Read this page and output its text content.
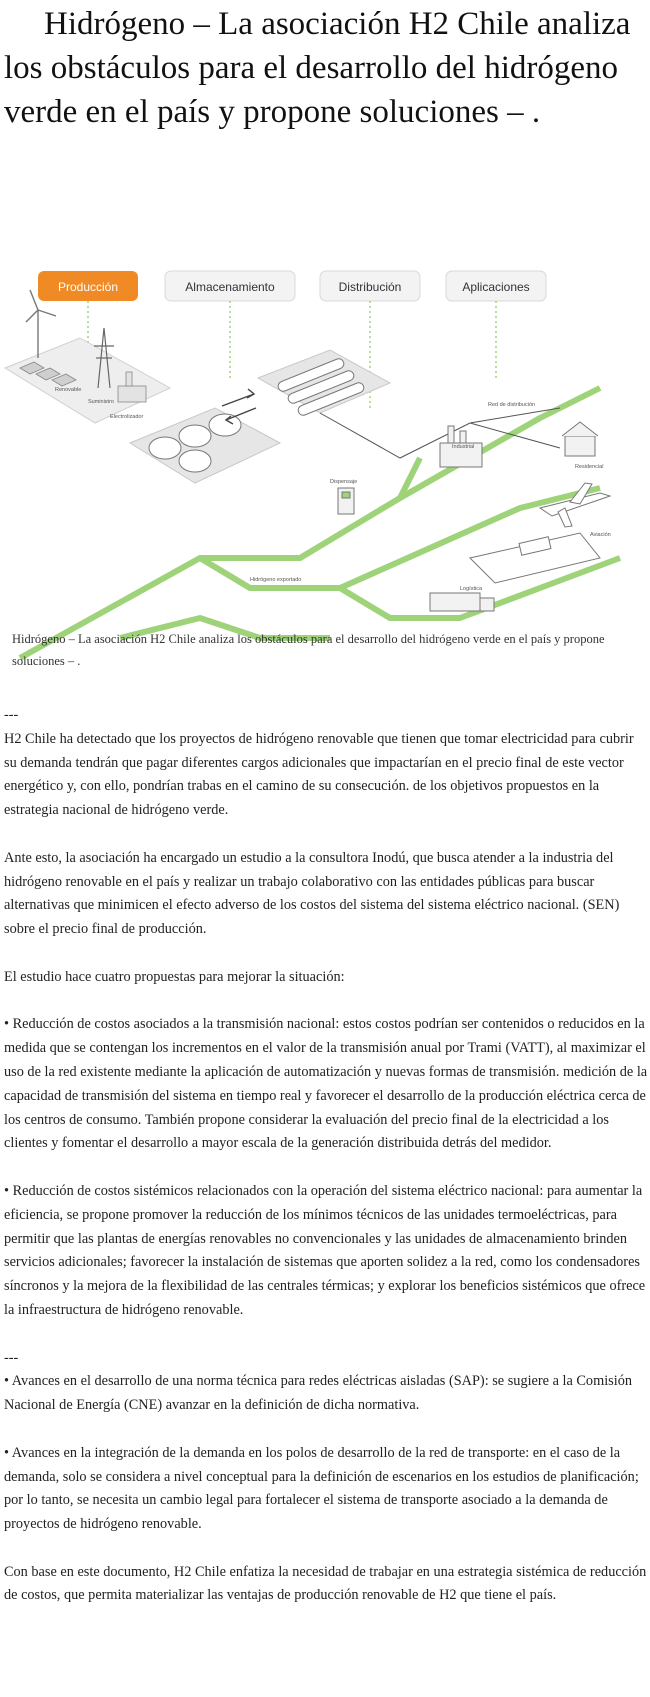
Hidrógeno – La asociación H2 Chile analiza los obstáculos para el desarrollo del hidrógeno verde en el país y propone soluciones – .
Producción	Almacenamiento	Distribución	Aplicaciones
Renovable
Suministro
Electrolizador
Red de distribución
Industrial
Residencial
Dispensaje
Aviación
Logística
Hidrógeno exportado

Hidrógeno – La asociación H2 Chile analiza los obstáculos para el desarrollo del hidrógeno verde en el país y propone soluciones – .

---

H2 Chile ha detectado que los proyectos de hidrógeno renovable que tienen que tomar electricidad para cubrir su demanda tendrán que pagar diferentes cargos adicionales que impactarían en el precio final de este vector energético y, con ello, pondrían trabas en el camino de su consecución. de los objetivos propuestos en la estrategia nacional de hidrógeno verde.

Ante esto, la asociación ha encargado un estudio a la consultora Inodú, que busca atender a la industria del hidrógeno renovable en el país y realizar un trabajo colaborativo con las entidades públicas para buscar alternativas que minimicen el efecto adverso de los costos del sistema del sistema eléctrico nacional. (SEN) sobre el precio final de producción.

El estudio hace cuatro propuestas para mejorar la situación:

• Reducción de costos asociados a la transmisión nacional: estos costos podrían ser contenidos o reducidos en la medida que se contengan los incrementos en el valor de la transmisión anual por Trami (VATT), al maximizar el uso de la red existente mediante la aplicación de automatización y nuevas formas de transmisión. medición de la capacidad de transmisión del sistema en tiempo real y favorecer el desarrollo de la producción eléctrica cerca de los centros de consumo. También propone considerar la evaluación del precio final de la electricidad a los clientes y fomentar el desarrollo a mayor escala de la generación distribuida detrás del medidor.

• Reducción de costos sistémicos relacionados con la operación del sistema eléctrico nacional: para aumentar la eficiencia, se propone promover la reducción de los mínimos técnicos de las unidades termoeléctricas, para permitir que las plantas de energías renovables no convencionales y las unidades de almacenamiento brinden servicios adicionales; favorecer la instalación de sistemas que aporten solidez a la red, como los condensadores síncronos y la mejora de la flexibilidad de las centrales térmicas; y explorar los beneficios sistémicos que ofrece la infraestructura de hidrógeno renovable.

---

• Avances en el desarrollo de una norma técnica para redes eléctricas aisladas (SAP): se sugiere a la Comisión Nacional de Energía (CNE) avanzar en la definición de dicha normativa.

• Avances en la integración de la demanda en los polos de desarrollo de la red de transporte: en el caso de la demanda, solo se considera a nivel conceptual para la definición de escenarios en los estudios de planificación; por lo tanto, se necesita un cambio legal para fortalecer el sistema de transporte asociado a la demanda de proyectos de hidrógeno renovable.

Con base en este documento, H2 Chile enfatiza la necesidad de trabajar en una estrategia sistémica de reducción de costos, que permita materializar las ventajas de producción renovable de H2 que tiene el país.
